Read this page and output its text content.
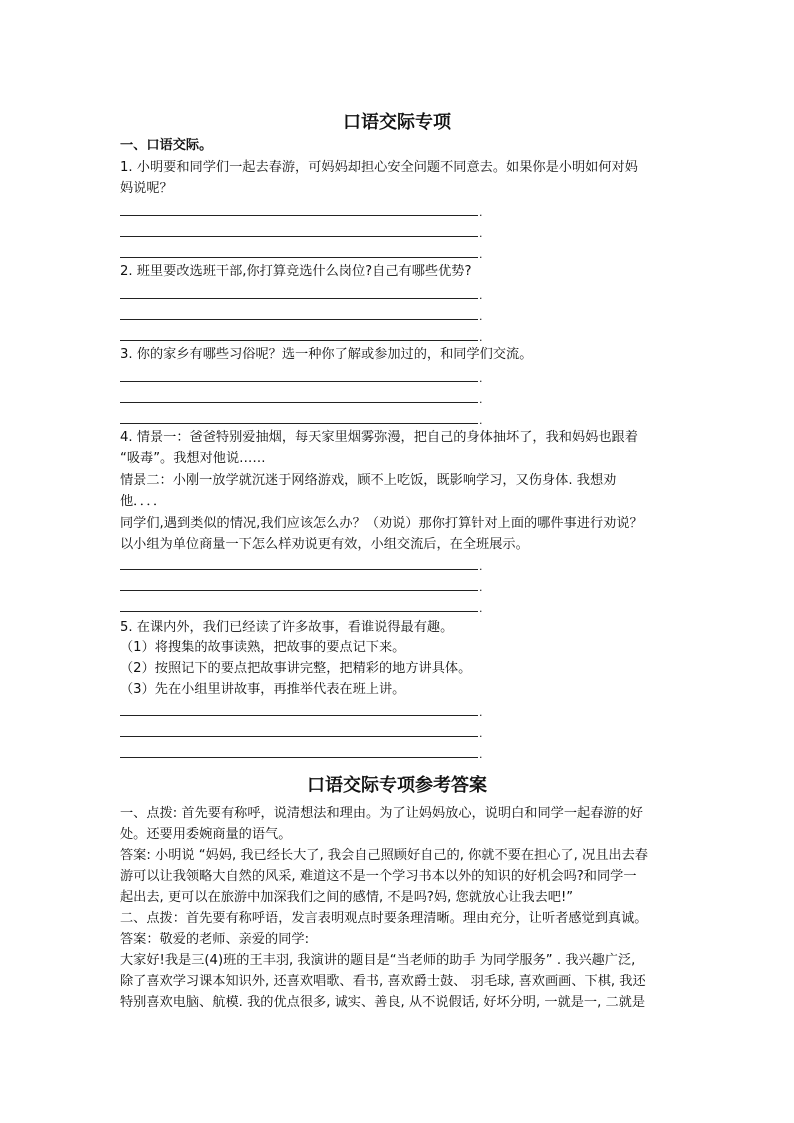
口语交际专项
一、口语交际。
1. 小明要和同学们一起去春游，可妈妈却担心安全问题不同意去。如果你是小明如何对妈
妈说呢？
.
.
.
2. 班里要改选班干部,你打算竞选什么岗位?自己有哪些优势?
.
.
.
3. 你的家乡有哪些习俗呢？选一种你了解或参加过的，和同学们交流。
.
.
.
4. 情景一：爸爸特别爱抽烟，每天家里烟雾弥漫，把自己的身体抽坏了，我和妈妈也跟着
“吸毒”。我想对他说……
情景二：小刚一放学就沉迷于网络游戏，顾不上吃饭，既影响学习，又伤身体. 我想劝
他．．．．
同学们,遇到类似的情况,我们应该怎么办？（劝说）那你打算针对上面的哪件事进行劝说？
以小组为单位商量一下怎么样劝说更有效，小组交流后，在全班展示。
.
.
.
5. 在课内外，我们已经读了许多故事，看谁说得最有趣。
（1）将搜集的故事读熟，把故事的要点记下来。
（2）按照记下的要点把故事讲完整，把精彩的地方讲具体。
（3）先在小组里讲故事，再推举代表在班上讲。
.
.
.
口语交际专项参考答案
一、点拨: 首先要有称呼，说清想法和理由。为了让妈妈放心，说明白和同学一起春游的好
处。还要用委婉商量的语气。
答案: 小明说 “妈妈, 我已经长大了, 我会自己照顾好自己的, 你就不要在担心了, 况且出去春
游可以让我领略大自然的风采, 难道这不是一个学习书本以外的知识的好机会吗?和同学一
起出去, 更可以在旅游中加深我们之间的感情, 不是吗?妈, 您就放心让我去吧!”
二、点拨：首先要有称呼语，发言表明观点时要条理清晰。理由充分，让听者感觉到真诚。
答案：敬爱的老师、亲爱的同学:
大家好!我是三(4)班的王丰羽, 我演讲的题目是“当老师的助手 为同学服务” . 我兴趣广泛,
除了喜欢学习课本知识外, 还喜欢唱歌、看书, 喜欢爵士鼓、 羽毛球, 喜欢画画、下棋, 我还
特别喜欢电脑、航模. 我的优点很多, 诚实、善良, 从不说假话, 好坏分明, 一就是一, 二就是
